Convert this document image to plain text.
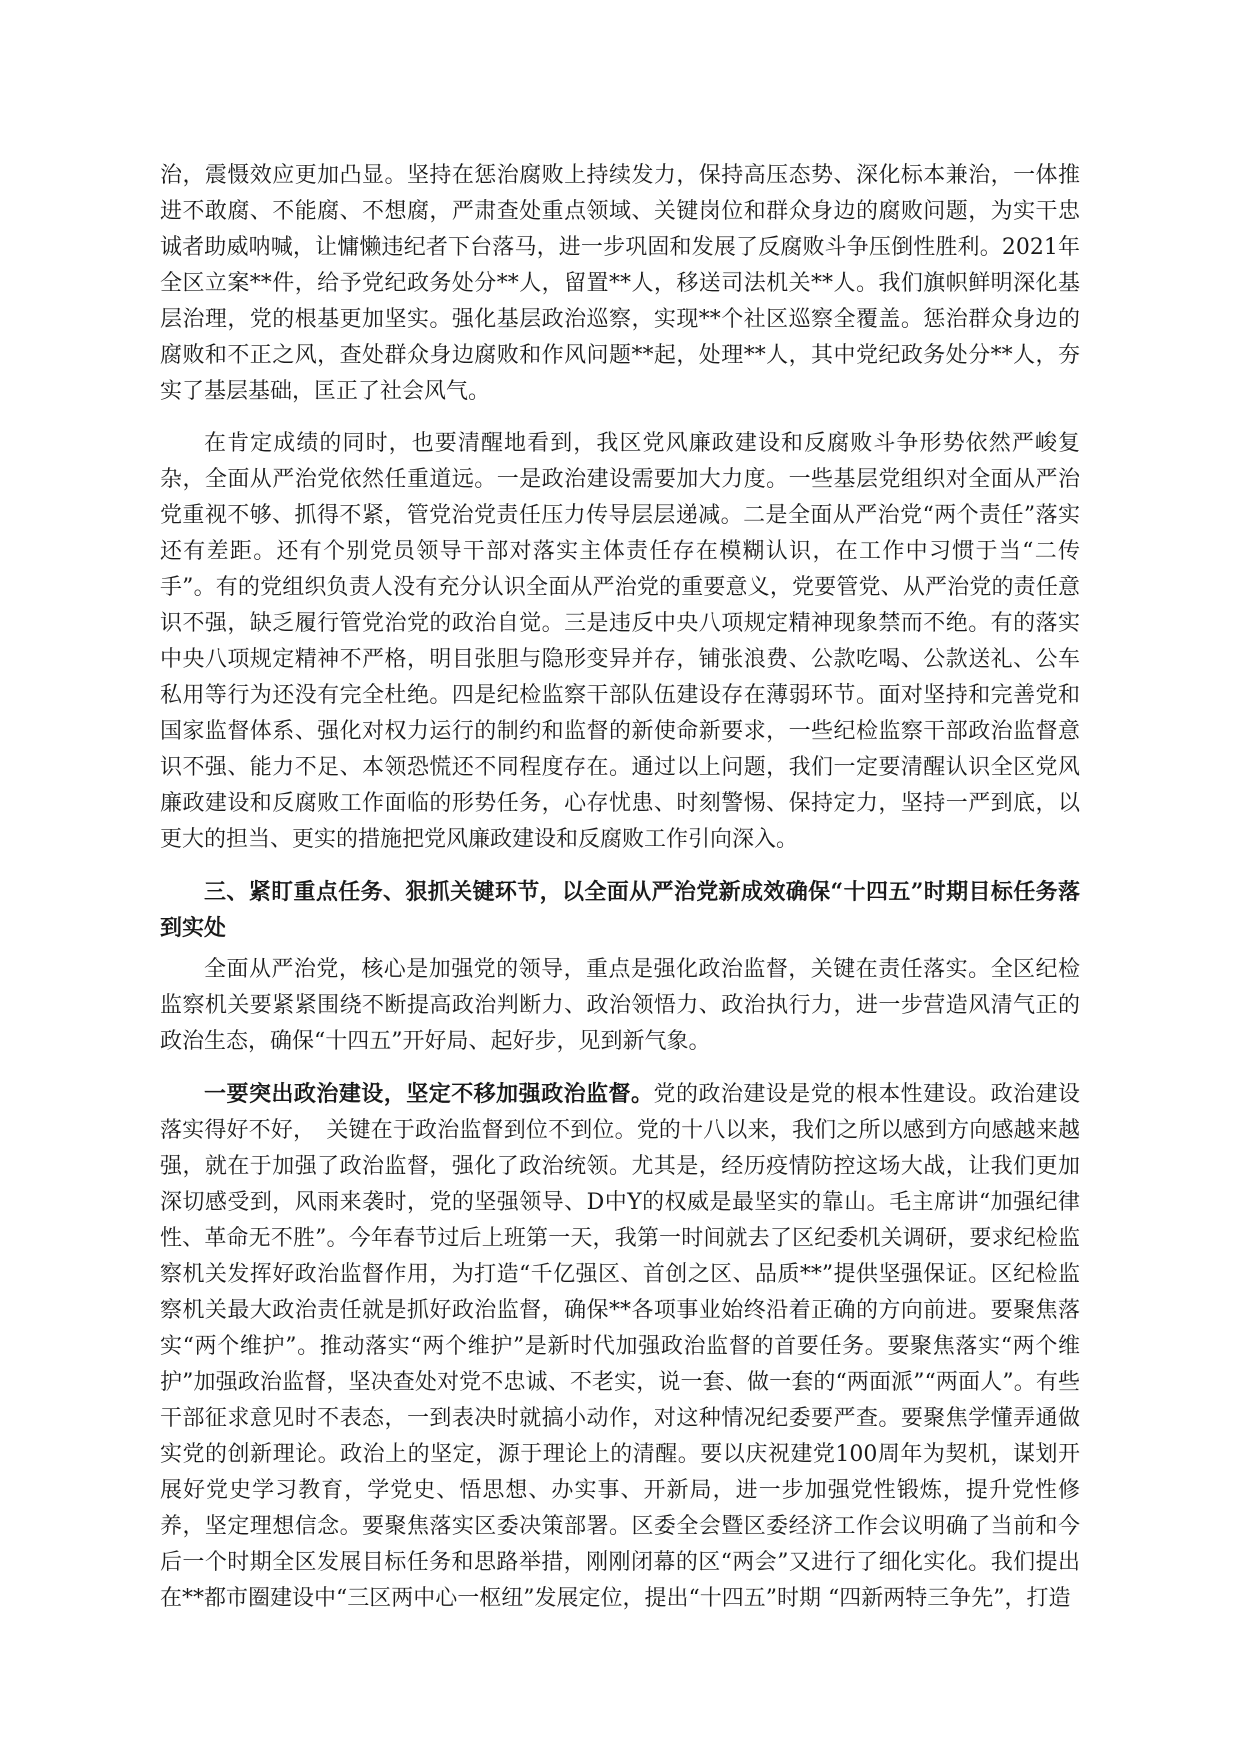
治，震慑效应更加凸显。坚持在惩治腐败上持续发力，保持高压态势、深化标本兼治，一体推进不敢腐、不能腐、不想腐，严肃查处重点领域、关键岗位和群众身边的腐败问题，为实干忠诚者助威呐喊，让慵懒违纪者下台落马，进一步巩固和发展了反腐败斗争压倒性胜利。2021年全区立案**件，给予党纪政务处分**人，留置**人，移送司法机关**人。我们旗帜鲜明深化基层治理，党的根基更加坚实。强化基层政治巡察，实现**个社区巡察全覆盖。惩治群众身边的腐败和不正之风，查处群众身边腐败和作风问题**起，处理**人，其中党纪政务处分**人，夯实了基层基础，匡正了社会风气。

在肯定成绩的同时，也要清醒地看到，我区党风廉政建设和反腐败斗争形势依然严峻复杂，全面从严治党依然任重道远。一是政治建设需要加大力度。一些基层党组织对全面从严治党重视不够、抓得不紧，管党治党责任压力传导层层递减。二是全面从严治党“两个责任”落实还有差距。还有个别党员领导干部对落实主体责任存在模糊认识，在工作中习惯于当“二传手”。有的党组织负责人没有充分认识全面从严治党的重要意义，党要管党、从严治党的责任意识不强，缺乏履行管党治党的政治自觉。三是违反中央八项规定精神现象禁而不绝。有的落实中央八项规定精神不严格，明目张胆与隐形变异并存，铺张浪费、公款吃喝、公款送礼、公车私用等行为还没有完全杜绝。四是纪检监察干部队伍建设存在薄弱环节。面对坚持和完善党和国家监督体系、强化对权力运行的制约和监督的新使命新要求，一些纪检监察干部政治监督意识不强、能力不足、本领恐慌还不同程度存在。通过以上问题，我们一定要清醒认识全区党风廉政建设和反腐败工作面临的形势任务，心存忧患、时刻警惕、保持定力，坚持一严到底，以更大的担当、更实的措施把党风廉政建设和反腐败工作引向深入。

三、紧盯重点任务、狠抓关键环节，以全面从严治党新成效确保“十四五”时期目标任务落到实处

全面从严治党，核心是加强党的领导，重点是强化政治监督，关键在责任落实。全区纪检监察机关要紧紧围绕不断提高政治判断力、政治领悟力、政治执行力，进一步营造风清气正的政治生态，确保“十四五”开好局、起好步，见到新气象。

一要突出政治建设，坚定不移加强政治监督。党的政治建设是党的根本性建设。政治建设落实得好不好，　关键在于政治监督到位不到位。党的十八以来，我们之所以感到方向感越来越强，就在于加强了政治监督，强化了政治统领。尤其是，经历疫情防控这场大战，让我们更加深切感受到，风雨来袭时，党的坚强领导、D中Y的权威是最坚实的靠山。毛主席讲“加强纪律性、革命无不胜”。今年春节过后上班第一天，我第一时间就去了区纪委机关调研，要求纪检监察机关发挥好政治监督作用，为打造“千亿强区、首创之区、品质**”提供坚强保证。区纪检监察机关最大政治责任就是抓好政治监督，确保**各项事业始终沿着正确的方向前进。要聚焦落实“两个维护”。推动落实“两个维护”是新时代加强政治监督的首要任务。要聚焦落实“两个维护”加强政治监督，坚决查处对党不忠诚、不老实，说一套、做一套的“两面派”“两面人”。有些干部征求意见时不表态，一到表决时就搞小动作，对这种情况纪委要严查。要聚焦学懂弄通做实党的创新理论。政治上的坚定，源于理论上的清醒。要以庆祝建党100周年为契机，谋划开展好党史学习教育，学党史、悟思想、办实事、开新局，进一步加强党性锻炼，提升党性修养，坚定理想信念。要聚焦落实区委决策部署。区委全会暨区委经济工作会议明确了当前和今后一个时期全区发展目标任务和思路举措，刚刚闭幕的区“两会”又进行了细化实化。我们提出在**都市圈建设中“三区两中心一枢纽”发展定位，提出“十四五”时期 “四新两特三争先”，打造
